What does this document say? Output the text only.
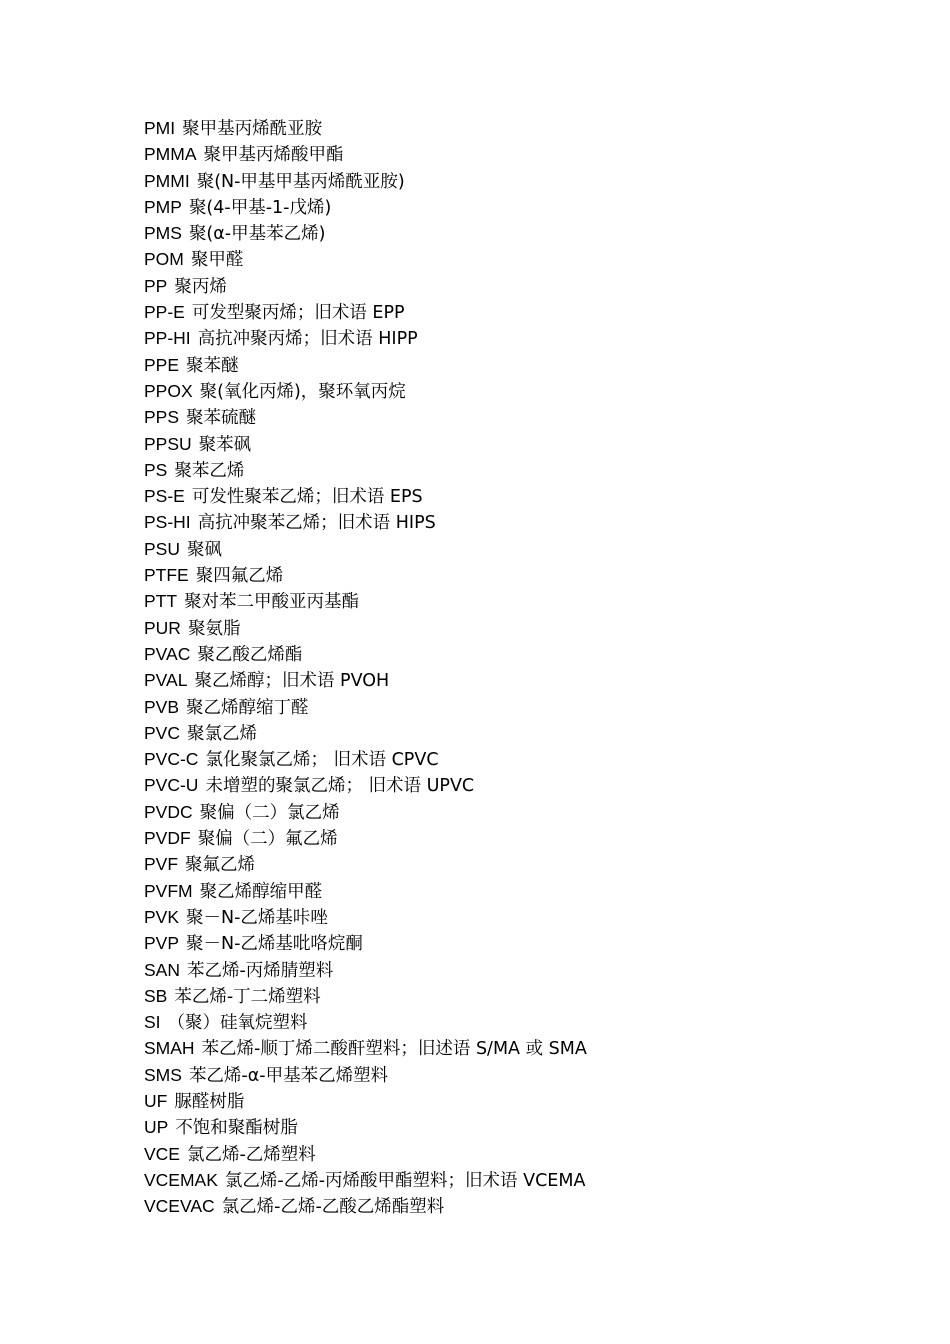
PMI 聚甲基丙烯酰亚胺
PMMA 聚甲基丙烯酸甲酯
PMMI 聚(N-甲基甲基丙烯酰亚胺)
PMP 聚(4-甲基-1-戊烯)
PMS 聚(α-甲基苯乙烯)
POM 聚甲醛
PP 聚丙烯
PP-E 可发型聚丙烯；旧术语 EPP
PP-HI 高抗冲聚丙烯；旧术语 HIPP
PPE 聚苯醚
PPOX 聚(氧化丙烯)，聚环氧丙烷
PPS 聚苯硫醚
PPSU 聚苯砜
PS 聚苯乙烯
PS-E 可发性聚苯乙烯；旧术语 EPS
PS-HI 高抗冲聚苯乙烯；旧术语 HIPS
PSU 聚砜
PTFE 聚四氟乙烯
PTT 聚对苯二甲酸亚丙基酯
PUR 聚氨脂
PVAC 聚乙酸乙烯酯
PVAL 聚乙烯醇；旧术语 PVOH
PVB 聚乙烯醇缩丁醛
PVC 聚氯乙烯
PVC-C 氯化聚氯乙烯； 旧术语 CPVC
PVC-U 未增塑的聚氯乙烯； 旧术语 UPVC
PVDC 聚偏（二）氯乙烯
PVDF 聚偏（二）氟乙烯
PVF 聚氟乙烯
PVFM 聚乙烯醇缩甲醛
PVK 聚－N-乙烯基咔唑
PVP 聚－N-乙烯基吡咯烷酮
SAN 苯乙烯-丙烯腈塑料
SB 苯乙烯-丁二烯塑料
SI （聚）硅氧烷塑料
SMAH 苯乙烯-顺丁烯二酸酐塑料；旧述语 S/MA 或 SMA
SMS 苯乙烯-α-甲基苯乙烯塑料
UF 脲醛树脂
UP 不饱和聚酯树脂
VCE 氯乙烯-乙烯塑料
VCEMAK 氯乙烯-乙烯-丙烯酸甲酯塑料；旧术语 VCEMA
VCEVAC 氯乙烯-乙烯-乙酸乙烯酯塑料
